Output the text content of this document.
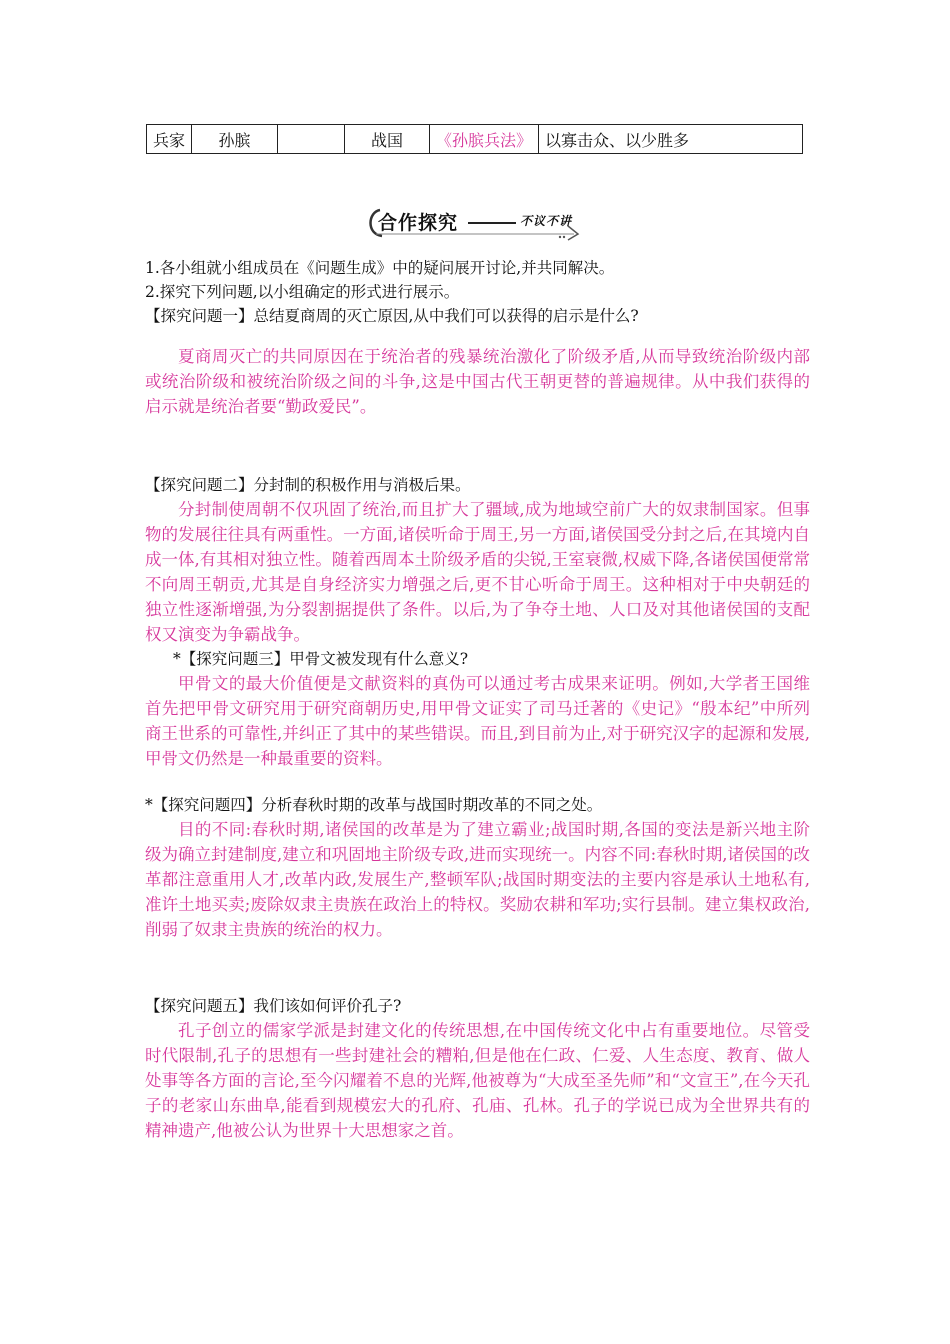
兵家	孙膑		战国	《孙膑兵法》	以寡击众、以少胜多
合作探究	不议不讲

1.各小组就小组成员在《问题生成》中的疑问展开讨论,并共同解决。

2.探究下列问题,以小组确定的形式进行展示。

【探究问题一】总结夏商周的灭亡原因,从中我们可以获得的启示是什么?

夏商周灭亡的共同原因在于统治者的残暴统治激化了阶级矛盾,从而导致统治阶级内部或统治阶级和被统治阶级之间的斗争,这是中国古代王朝更替的普遍规律。从中我们获得的启示就是统治者要“勤政爱民”。

【探究问题二】分封制的积极作用与消极后果。

分封制使周朝不仅巩固了统治,而且扩大了疆域,成为地域空前广大的奴隶制国家。但事物的发展往往具有两重性。一方面,诸侯听命于周王,另一方面,诸侯国受分封之后,在其境内自成一体,有其相对独立性。随着西周本土阶级矛盾的尖锐,王室衰微,权威下降,各诸侯国便常常不向周王朝贡,尤其是自身经济实力增强之后,更不甘心听命于周王。这种相对于中央朝廷的独立性逐渐增强,为分裂割据提供了条件。以后,为了争夺土地、人口及对其他诸侯国的支配权又演变为争霸战争。

*【探究问题三】甲骨文被发现有什么意义?

甲骨文的最大价值便是文献资料的真伪可以通过考古成果来证明。例如,大学者王国维首先把甲骨文研究用于研究商朝历史,用甲骨文证实了司马迁著的《史记》“殷本纪”中所列商王世系的可靠性,并纠正了其中的某些错误。而且,到目前为止,对于研究汉字的起源和发展,甲骨文仍然是一种最重要的资料。

*【探究问题四】分析春秋时期的改革与战国时期改革的不同之处。

目的不同:春秋时期,诸侯国的改革是为了建立霸业;战国时期,各国的变法是新兴地主阶级为确立封建制度,建立和巩固地主阶级专政,进而实现统一。内容不同:春秋时期,诸侯国的改革都注意重用人才,改革内政,发展生产,整顿军队;战国时期变法的主要内容是承认土地私有,准许土地买卖;废除奴隶主贵族在政治上的特权。奖励农耕和军功;实行县制。建立集权政治,削弱了奴隶主贵族的统治的权力。

【探究问题五】我们该如何评价孔子?

孔子创立的儒家学派是封建文化的传统思想,在中国传统文化中占有重要地位。尽管受时代限制,孔子的思想有一些封建社会的糟粕,但是他在仁政、仁爱、人生态度、教育、做人处事等各方面的言论,至今闪耀着不息的光辉,他被尊为“大成至圣先师”和“文宣王”,在今天孔子的老家山东曲阜,能看到规模宏大的孔府、孔庙、孔林。孔子的学说已成为全世界共有的精神遗产,他被公认为世界十大思想家之首。
